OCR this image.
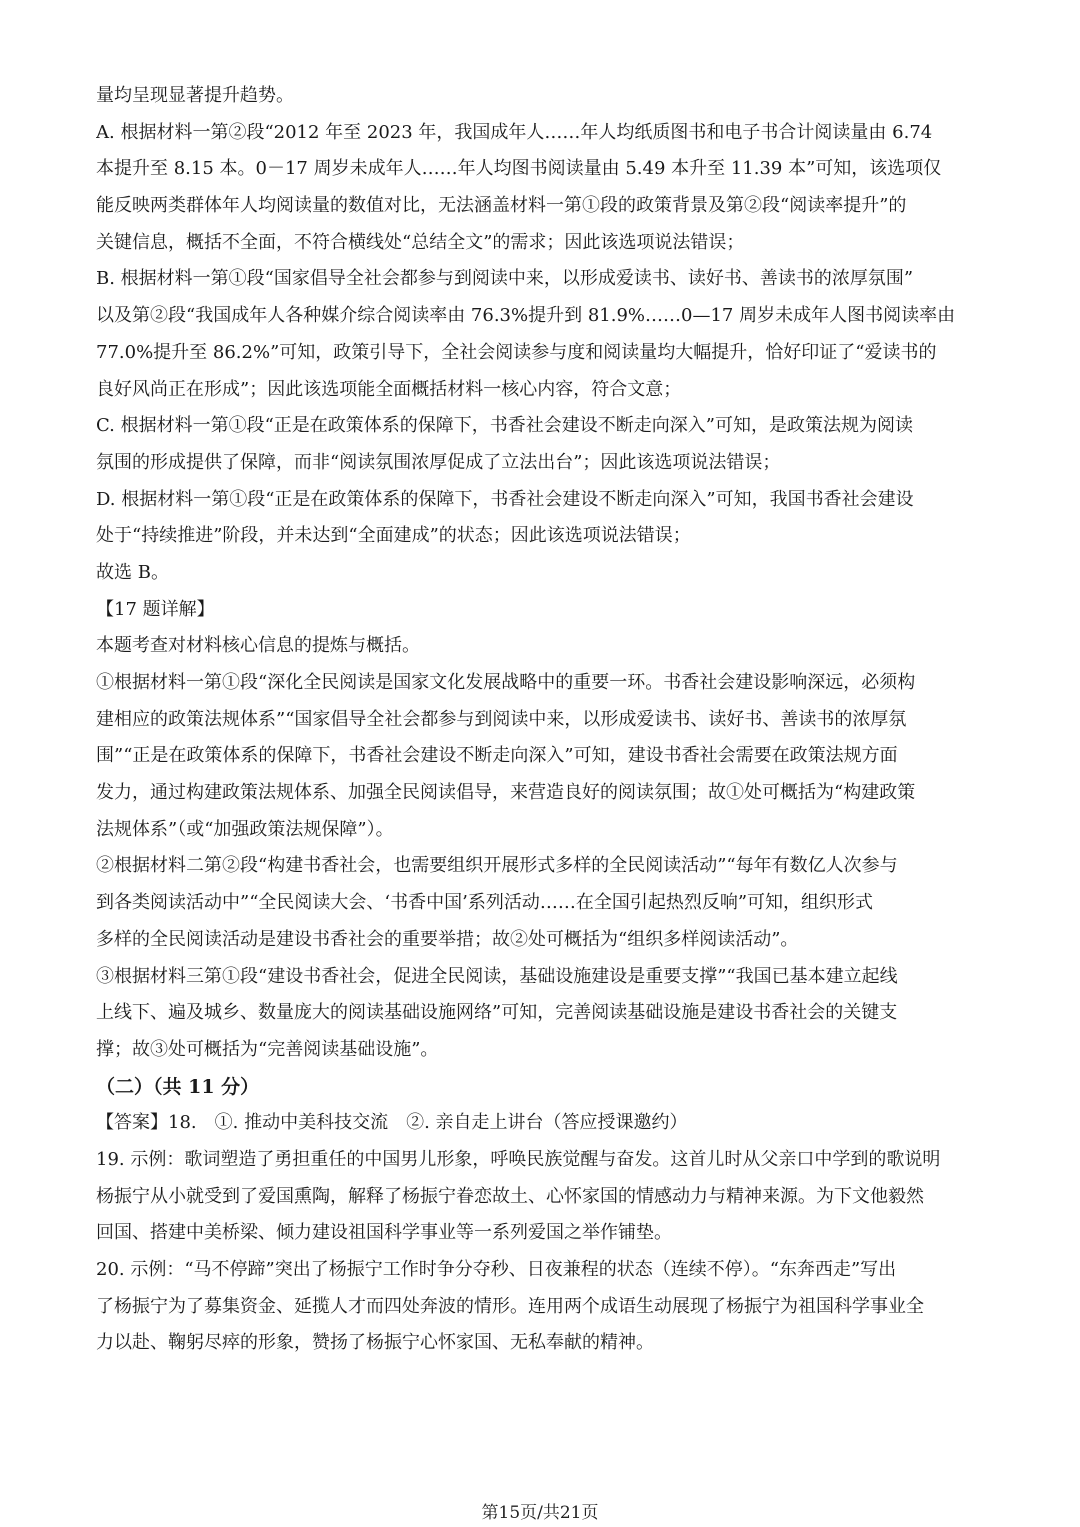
量均呈现显著提升趋势。
A. 根据材料一第②段“2012 年至 2023 年，我国成年人……年人均纸质图书和电子书合计阅读量由 6.74
本提升至 8.15 本。0－17 周岁未成年人……年人均图书阅读量由 5.49 本升至 11.39 本”可知，该选项仅
能反映两类群体年人均阅读量的数值对比，无法涵盖材料一第①段的政策背景及第②段“阅读率提升”的
关键信息，概括不全面，不符合横线处“总结全文”的需求；因此该选项说法错误；
B. 根据材料一第①段“国家倡导全社会都参与到阅读中来，以形成爱读书、读好书、善读书的浓厚氛围”
以及第②段“我国成年人各种媒介综合阅读率由 76.3%提升到 81.9%……0—17 周岁未成年人图书阅读率由
77.0%提升至 86.2%”可知，政策引导下，全社会阅读参与度和阅读量均大幅提升，恰好印证了“爱读书的
良好风尚正在形成”；因此该选项能全面概括材料一核心内容，符合文意；
C. 根据材料一第①段“正是在政策体系的保障下，书香社会建设不断走向深入”可知，是政策法规为阅读
氛围的形成提供了保障，而非“阅读氛围浓厚促成了立法出台”；因此该选项说法错误；
D. 根据材料一第①段“正是在政策体系的保障下，书香社会建设不断走向深入”可知，我国书香社会建设
处于“持续推进”阶段，并未达到“全面建成”的状态；因此该选项说法错误；
故选 B。
【17 题详解】
本题考查对材料核心信息的提炼与概括。
①根据材料一第①段“深化全民阅读是国家文化发展战略中的重要一环。书香社会建设影响深远，必须构
建相应的政策法规体系”“国家倡导全社会都参与到阅读中来，以形成爱读书、读好书、善读书的浓厚氛
围”“正是在政策体系的保障下，书香社会建设不断走向深入”可知，建设书香社会需要在政策法规方面
发力，通过构建政策法规体系、加强全民阅读倡导，来营造良好的阅读氛围；故①处可概括为“构建政策
法规体系”（或“加强政策法规保障”）。
②根据材料二第②段“构建书香社会，也需要组织开展形式多样的全民阅读活动”“每年有数亿人次参与
到各类阅读活动中”“全民阅读大会、‘书香中国’系列活动……在全国引起热烈反响”可知，组织形式
多样的全民阅读活动是建设书香社会的重要举措；故②处可概括为“组织多样阅读活动”。
③根据材料三第①段“建设书香社会，促进全民阅读，基础设施建设是重要支撑”“我国已基本建立起线
上线下、遍及城乡、数量庞大的阅读基础设施网络”可知，完善阅读基础设施是建设书香社会的关键支
撑；故③处可概括为“完善阅读基础设施”。
（二）（共 11 分）
【答案】18.　①. 推动中美科技交流　②. 亲自走上讲台（答应授课邀约）
19. 示例：歌词塑造了勇担重任的中国男儿形象，呼唤民族觉醒与奋发。这首儿时从父亲口中学到的歌说明
杨振宁从小就受到了爱国熏陶，解释了杨振宁眷恋故土、心怀家国的情感动力与精神来源。为下文他毅然
回国、搭建中美桥梁、倾力建设祖国科学事业等一系列爱国之举作铺垫。
20. 示例：“马不停蹄”突出了杨振宁工作时争分夺秒、日夜兼程的状态（连续不停）。“东奔西走”写出
了杨振宁为了募集资金、延揽人才而四处奔波的情形。连用两个成语生动展现了杨振宁为祖国科学事业全
力以赴、鞠躬尽瘁的形象，赞扬了杨振宁心怀家国、无私奉献的精神。
第15页/共21页
